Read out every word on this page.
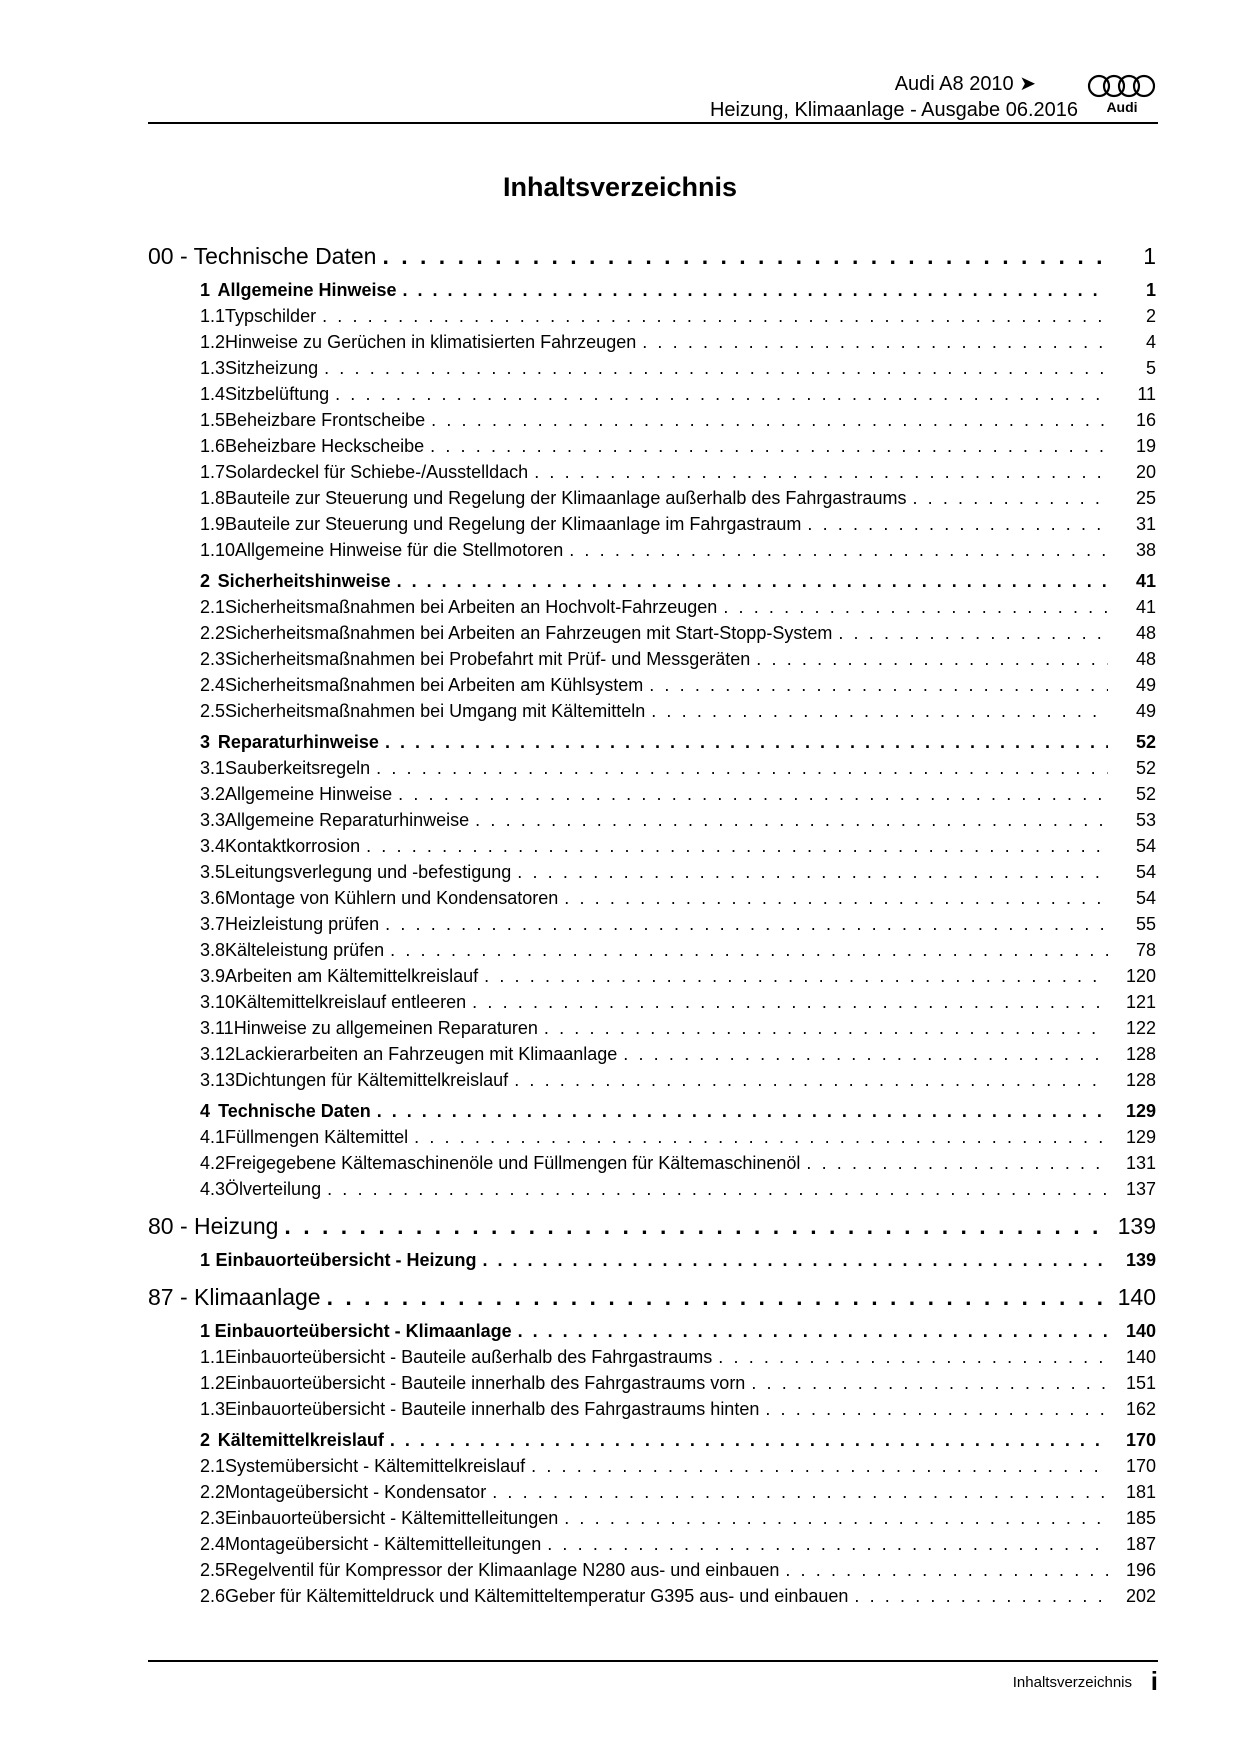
Audi A8 2010 ➤
Heizung, Klimaanlage - Ausgabe 06.2016 Audi
Inhaltsverzeichnis
00 - Technische Daten . . .	1
1 Allgemeine Hinweise . . .	1
1.1 Typschilder . . .	2
1.2 Hinweise zu Gerüchen in klimatisierten Fahrzeugen . . .	4
1.3 Sitzheizung . . .	5
1.4 Sitzbelüftung . . .	11
1.5 Beheizbare Frontscheibe . . .	16
1.6 Beheizbare Heckscheibe . . .	19
1.7 Solardeckel für Schiebe-/Ausstelldach . . .	20
1.8 Bauteile zur Steuerung und Regelung der Klimaanlage außerhalb des Fahrgastraums . . .	25
1.9 Bauteile zur Steuerung und Regelung der Klimaanlage im Fahrgastraum . . .	31
1.10 Allgemeine Hinweise für die Stellmotoren . . .	38
2 Sicherheitshinweise . . .	41
2.1 Sicherheitsmaßnahmen bei Arbeiten an Hochvolt-Fahrzeugen . . .	41
2.2 Sicherheitsmaßnahmen bei Arbeiten an Fahrzeugen mit Start-Stopp-System . . .	48
2.3 Sicherheitsmaßnahmen bei Probefahrt mit Prüf- und Messgeräten . . .	48
2.4 Sicherheitsmaßnahmen bei Arbeiten am Kühlsystem . . .	49
2.5 Sicherheitsmaßnahmen bei Umgang mit Kältemitteln . . .	49
3 Reparaturhinweise . . .	52
3.1 Sauberkeitsregeln . . .	52
3.2 Allgemeine Hinweise . . .	52
3.3 Allgemeine Reparaturhinweise . . .	53
3.4 Kontaktkorrosion . . .	54
3.5 Leitungsverlegung und -befestigung . . .	54
3.6 Montage von Kühlern und Kondensatoren . . .	54
3.7 Heizleistung prüfen . . .	55
3.8 Kälteleistung prüfen . . .	78
3.9 Arbeiten am Kältemittelkreislauf . . .	120
3.10 Kältemittelkreislauf entleeren . . .	121
3.11 Hinweise zu allgemeinen Reparaturen . . .	122
3.12 Lackierarbeiten an Fahrzeugen mit Klimaanlage . . .	128
3.13 Dichtungen für Kältemittelkreislauf . . .	128
4 Technische Daten . . .	129
4.1 Füllmengen Kältemittel . . .	129
4.2 Freigegebene Kältemaschinenöle und Füllmengen für Kältemaschinenöl . . .	131
4.3 Ölverteilung . . .	137
80 - Heizung . . .	139
1 Einbauorteübersicht - Heizung . . .	139
87 - Klimaanlage . . .	140
1 Einbauorteübersicht - Klimaanlage . . .	140
1.1 Einbauorteübersicht - Bauteile außerhalb des Fahrgastraums . . .	140
1.2 Einbauorteübersicht - Bauteile innerhalb des Fahrgastraums vorn . . .	151
1.3 Einbauorteübersicht - Bauteile innerhalb des Fahrgastraums hinten . . .	162
2 Kältemittelkreislauf . . .	170
2.1 Systemübersicht - Kältemittelkreislauf . . .	170
2.2 Montageübersicht - Kondensator . . .	181
2.3 Einbauorteübersicht - Kältemittelleitungen . . .	185
2.4 Montageübersicht - Kältemittelleitungen . . .	187
2.5 Regelventil für Kompressor der Klimaanlage N280 aus- und einbauen . . .	196
2.6 Geber für Kältemitteldruck und Kältemitteltemperatur G395 aus- und einbauen . . .	202
Inhaltsverzeichnis i
